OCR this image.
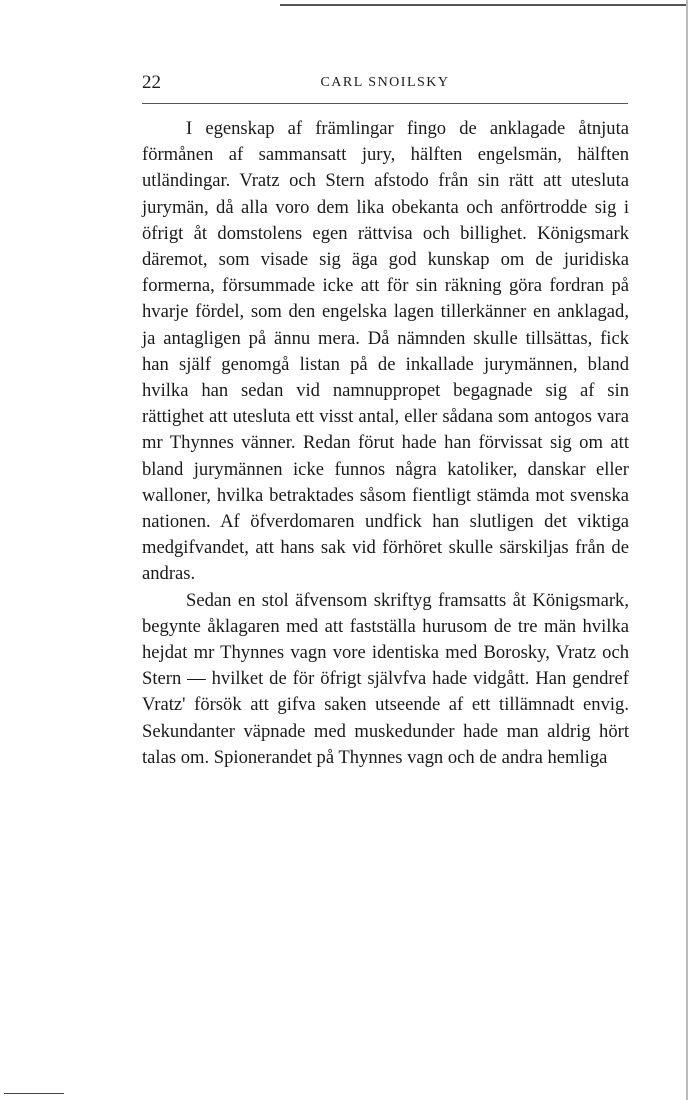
22	CARL SNOILSKY

I egenskap af främlingar fingo de anklagade åtnjuta förmånen af sammansatt jury, hälften engelsmän, hälften utländingar. Vratz och Stern afstodo från sin rätt att utesluta jurymän, då alla voro dem lika obekanta och anförtrodde sig i öfrigt åt domstolens egen rättvisa och billighet. Königsmark däremot, som visade sig äga god kunskap om de juridiska formerna, försummade icke att för sin räkning göra fordran på hvarje fördel, som den engelska lagen tillerkänner en anklagad, ja antagligen på ännu mera. Då nämnden skulle tillsättas, fick han själf genomgå listan på de inkallade jurymännen, bland hvilka han sedan vid namnuppropet begagnade sig af sin rättighet att utesluta ett visst antal, eller sådana som antogos vara mr Thynnes vänner. Redan förut hade han förvissat sig om att bland jurymännen icke funnos några katoliker, danskar eller walloner, hvilka betraktades såsom fientligt stämda mot svenska nationen. Af öfverdomaren undfick han slutligen det viktiga medgifvandet, att hans sak vid förhöret skulle särskiljas från de andras.

Sedan en stol äfvensom skriftyg framsatts åt Königsmark, begynte åklagaren med att fastställa hurusom de tre män hvilka hejdat mr Thynnes vagn vore identiska med Borosky, Vratz och Stern — hvilket de för öfrigt självfva hade vidgått. Han gendref Vratz' försök att gifva saken utseende af ett tillämnadt envig. Sekundanter väpnade med muskedunder hade man aldrig hört talas om. Spionerandet på Thynnes vagn och de andra hemliga
